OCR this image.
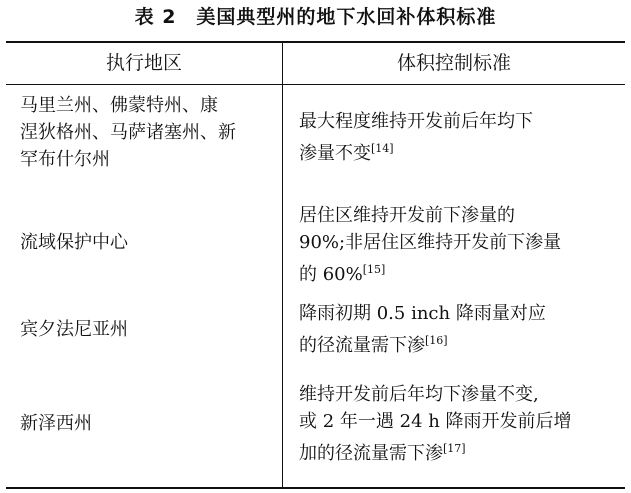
表 2　美国典型州的地下水回补体积标准
执行地区	体积控制标准
马里兰州、佛蒙特州、康
涅狄格州、马萨诸塞州、新
罕布什尔州
最大程度维持开发前后年均下
渗量不变[14]
流域保护中心
居住区维持开发前下渗量的
90%;非居住区维持开发前下渗量
的 60%[15]
宾夕法尼亚州
降雨初期 0.5 inch 降雨量对应
的径流量需下渗[16]
新泽西州
维持开发前后年均下渗量不变,
或 2 年一遇 24 h 降雨开发前后增
加的径流量需下渗[17]
